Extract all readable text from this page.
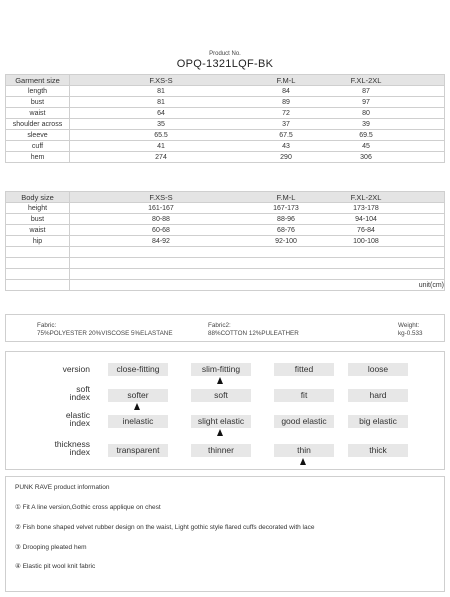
Product No.
OPQ-1321LQF-BK
Garment size	F.XS-S F.M-L F.XL-2XL

length	81 84 87

bust	81 89 97

waist	64 72 80

shoulder across	35 37 39

sleeve	65.5 67.5 69.5

cuff	41 43 45

hem	274 290 306
Body size	F.XS-S F.M-L F.XL-2XL

height	161-167 167-173 173-178

bust	80-88 88-96 94-104

waist	60-68 68-76 76-84

hip	84-92 92-100 100-108

	unit(cm)
Fabric:
75%POLYESTER 20%VISCOSE 5%ELASTANE
Fabric2:
88%COTTON 12%PULEATHER
Weight:
kg-0.533
version	close-fitting	slim-fitting	fitted	loose
soft
index	softer	soft	fit	hard
elastic
index	inelastic	slight elastic	good elastic	big elastic
thickness
index	transparent	thinner	thin	thick
PUNK RAVE product information
① Fit A line version,Gothic cross applique on chest
② Fish bone shaped velvet rubber design on the waist, Light gothic style flared cuffs decorated with lace
③ Drooping pleated hem
④ Elastic pit wool knit fabric
